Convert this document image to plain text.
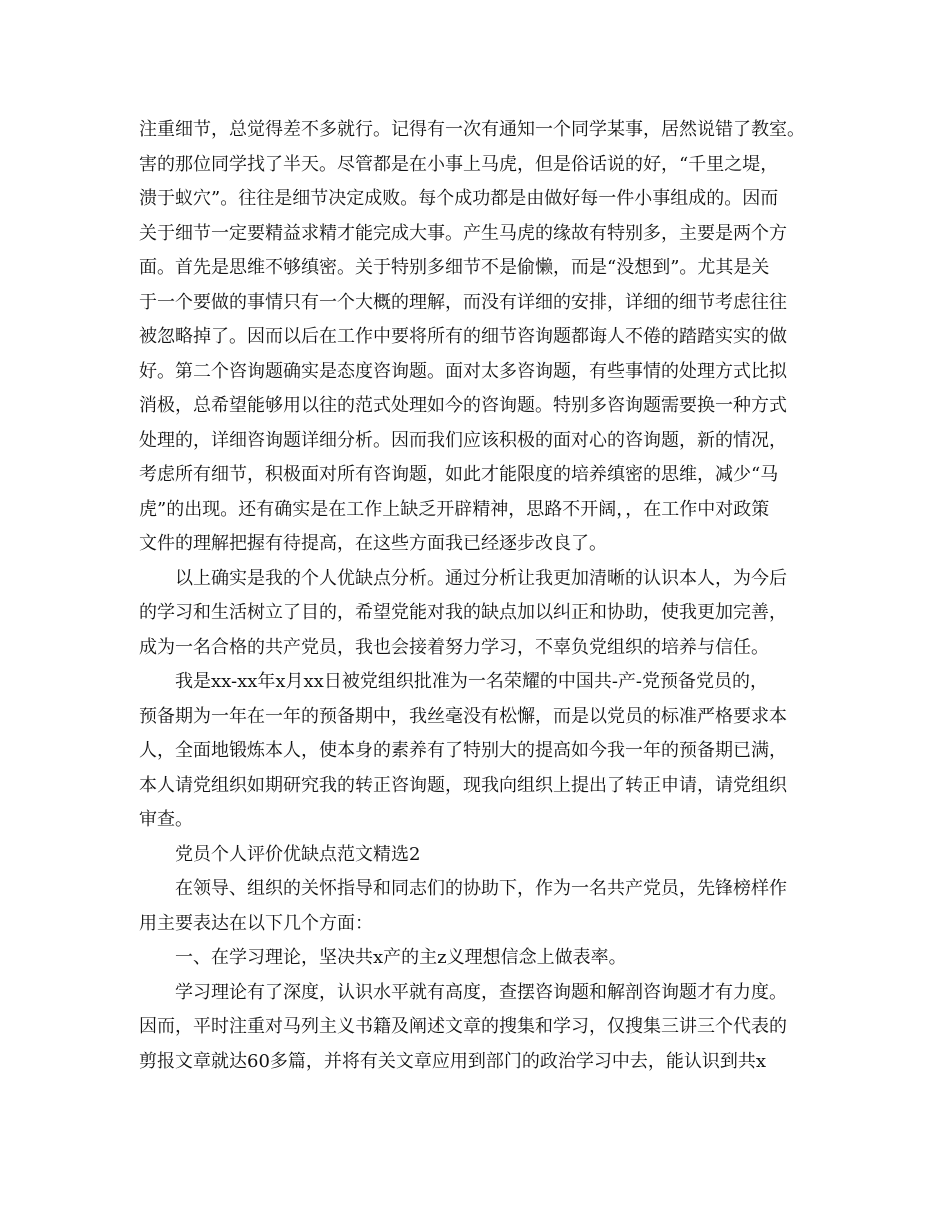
注重细节，总觉得差不多就行。记得有一次有通知一个同学某事，居然说错了教室。
害的那位同学找了半天。尽管都是在小事上马虎，但是俗话说的好，“千里之堤，
溃于蚁穴”。往往是细节决定成败。每个成功都是由做好每一件小事组成的。因而
关于细节一定要精益求精才能完成大事。产生马虎的缘故有特别多，主要是两个方
面。首先是思维不够缜密。关于特别多细节不是偷懒，而是“没想到”。尤其是关
于一个要做的事情只有一个大概的理解，而没有详细的安排，详细的细节考虑往往
被忽略掉了。因而以后在工作中要将所有的细节咨询题都诲人不倦的踏踏实实的做
好。第二个咨询题确实是态度咨询题。面对太多咨询题，有些事情的处理方式比拟
消极，总希望能够用以往的范式处理如今的咨询题。特别多咨询题需要换一种方式
处理的，详细咨询题详细分析。因而我们应该积极的面对心的咨询题，新的情况，
考虑所有细节，积极面对所有咨询题，如此才能限度的培养缜密的思维，减少“马
虎”的出现。还有确实是在工作上缺乏开辟精神，思路不开阔，，在工作中对政策
文件的理解把握有待提高，在这些方面我已经逐步改良了。
以上确实是我的个人优缺点分析。通过分析让我更加清晰的认识本人，为今后
的学习和生活树立了目的，希望党能对我的缺点加以纠正和协助，使我更加完善，
成为一名合格的共产党员，我也会接着努力学习，不辜负党组织的培养与信任。
我是xx-xx年x月xx日被党组织批准为一名荣耀的中国共-产-党预备党员的，
预备期为一年在一年的预备期中，我丝毫没有松懈，而是以党员的标准严格要求本
人，全面地锻炼本人，使本身的素养有了特别大的提高如今我一年的预备期已满，
本人请党组织如期研究我的转正咨询题，现我向组织上提出了转正申请，请党组织
审查。
党员个人评价优缺点范文精选2
在领导、组织的关怀指导和同志们的协助下，作为一名共产党员，先锋榜样作
用主要表达在以下几个方面：
一、在学习理论，坚决共x产的主z义理想信念上做表率。
学习理论有了深度，认识水平就有高度，查摆咨询题和解剖咨询题才有力度。
因而，平时注重对马列主义书籍及阐述文章的搜集和学习，仅搜集三讲三个代表的
剪报文章就达60多篇，并将有关文章应用到部门的政治学习中去，能认识到共x
